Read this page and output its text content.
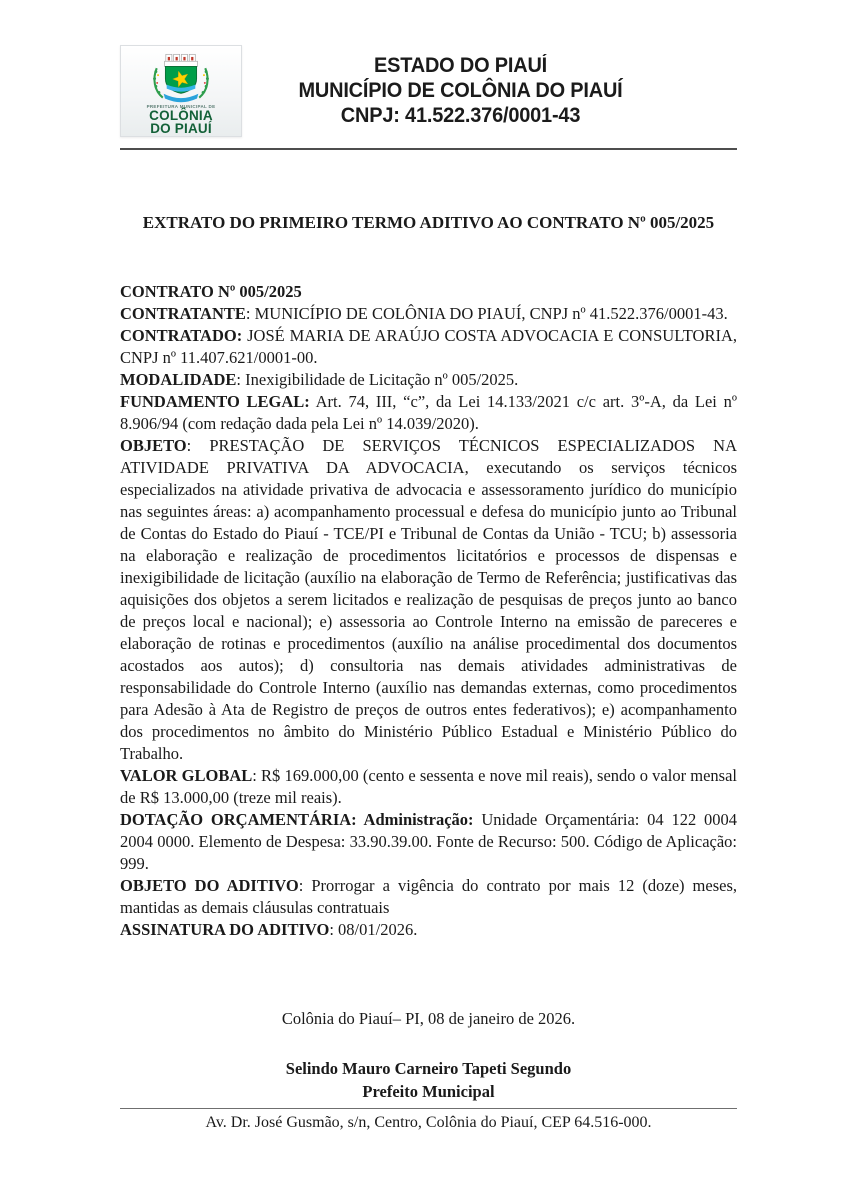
PREFEITURA MUNICIPAL DE
COLÔNIA
DO PIAUÍ
ESTADO DO PIAUÍ
MUNICÍPIO DE COLÔNIA DO PIAUÍ
CNPJ: 41.522.376/0001-43

EXTRATO DO PRIMEIRO TERMO ADITIVO AO CONTRATO Nº 005/2025

CONTRATO Nº 005/2025

CONTRATANTE: MUNICÍPIO DE COLÔNIA DO PIAUÍ, CNPJ nº 41.522.376/0001-43.

CONTRATADO: JOSÉ MARIA DE ARAÚJO COSTA ADVOCACIA E CONSULTORIA, CNPJ nº 11.407.621/0001-00.

MODALIDADE: Inexigibilidade de Licitação nº 005/2025.

FUNDAMENTO LEGAL: Art. 74, III, “c”, da Lei 14.133/2021 c/c art. 3º-A, da Lei nº 8.906/94 (com redação dada pela Lei nº 14.039/2020).

OBJETO: PRESTAÇÃO DE SERVIÇOS TÉCNICOS ESPECIALIZADOS NA ATIVIDADE PRIVATIVA DA ADVOCACIA, executando os serviços técnicos especializados na atividade privativa de advocacia e assessoramento jurídico do município nas seguintes áreas: a) acompanhamento processual e defesa do município junto ao Tribunal de Contas do Estado do Piauí - TCE/PI e Tribunal de Contas da União - TCU; b) assessoria na elaboração e realização de procedimentos licitatórios e processos de dispensas e inexigibilidade de licitação (auxílio na elaboração de Termo de Referência; justificativas das aquisições dos objetos a serem licitados e realização de pesquisas de preços junto ao banco de preços local e nacional); e) assessoria ao Controle Interno na emissão de pareceres e elaboração de rotinas e procedimentos (auxílio na análise procedimental dos documentos acostados aos autos); d) consultoria nas demais atividades administrativas de responsabilidade do Controle Interno (auxílio nas demandas externas, como procedimentos para Adesão à Ata de Registro de preços de outros entes federativos); e) acompanhamento dos procedimentos no âmbito do Ministério Público Estadual e Ministério Público do Trabalho.

VALOR GLOBAL: R$ 169.000,00 (cento e sessenta e nove mil reais), sendo o valor mensal de R$ 13.000,00 (treze mil reais).

DOTAÇÃO ORÇAMENTÁRIA: Administração: Unidade Orçamentária: 04 122 0004 2004 0000. Elemento de Despesa: 33.90.39.00. Fonte de Recurso: 500. Código de Aplicação: 999.

OBJETO DO ADITIVO: Prorrogar a vigência do contrato por mais 12 (doze) meses, mantidas as demais cláusulas contratuais

ASSINATURA DO ADITIVO: 08/01/2026.

Colônia do Piauí– PI, 08 de janeiro de 2026.

Selindo Mauro Carneiro Tapeti Segundo
Prefeito Municipal
Av. Dr. José Gusmão, s/n, Centro, Colônia do Piauí, CEP 64.516-000.
